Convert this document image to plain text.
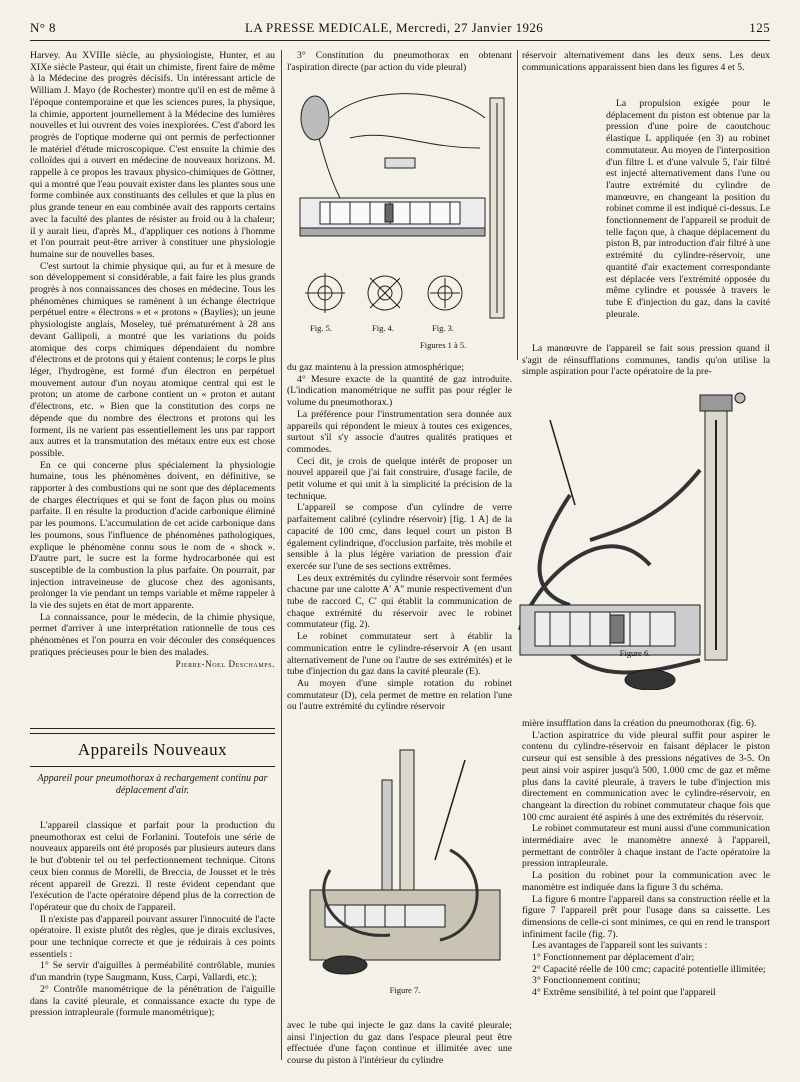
N° 8	LA PRESSE MEDICALE, Mercredi, 27 Janvier 1926	125

Harvey. Au XVIIIe siècle, au physiologiste, Hunter, et au XIXe siècle Pasteur, qui était un chimiste, firent faire de même à la Médecine des progrès décisifs. Un intéressant article de William J. Mayo (de Rochester) montre qu'il en est de même à l'époque contemporaine et que les sciences pures, la physique, la chimie, apportent journellement à la Médecine des lumières nouvelles et lui ouvrent des voies inexplorées. C'est d'abord les progrès de l'optique moderne qui ont permis de perfectionner le matériel d'étude microscopique. C'est ensuite la chimie des colloïdes qui a ouvert en médecine de nouveaux horizons. M. rappelle à ce propos les travaux physico-chimiques de Göttner, qui a montré que l'eau pouvait exister dans les plantes sous une forme combinée aux constituants des cellules et que la plus en plus grande teneur en eau combinée avait des rapports certains avec la faculté des plantes de résister au froid ou à la chaleur; il y aurait lieu, d'après M., d'appliquer ces notions à l'homme et l'on pourrait peut-être arriver à constituer une physiologie humaine sur de nouvelles bases.

C'est surtout la chimie physique qui, au fur et à mesure de son développement si considérable, a fait faire les plus grands progrès à nos connaissances des choses en médecine. Tous les phénomènes chimiques se ramènent à un échange électrique perpétuel entre « électrons » et « protons » (Baylies); un jeune physiologiste anglais, Moseley, tué prématurément à 28 ans devant Gallipoli, a montré que les variations du poids atomique des corps chimiques dépendaient du nombre d'électrons et de protons qui y étaient contenus; le corps le plus léger, l'hydrogène, est formé d'un électron en perpétuel mouvement autour d'un noyau atomique central qui est le proton; un atome de carbone contient un « proton et autant d'électrons, etc. » Bien que la constitution des corps ne dépende que du nombre des électrons et protons qui les forment, ils ne varient pas essentiellement les uns par rapport aux autres et la transmutation des métaux entre eux est chose possible.

En ce qui concerne plus spécialement la physiologie humaine, tous les phénomènes doivent, en définitive, se rapporter à des combustions qui ne sont que des déplacements de charges électriques et qui se font de façon plus ou moins parfaite. Il en résulte la production d'acide carbonique éliminé par les poumons. L'accumulation de cet acide carbonique dans les poumons, sous l'influence de phénomènes pathologiques, explique le phénomène connu sous le nom de « shock ». D'autre part, le sucre est la forme hydrocarbonée qui est susceptible de la combustion la plus parfaite. On pourrait, par injection intraveineuse de glucose chez des agonisants, prolonger la vie pendant un temps variable et même rappeler à la vie des sujets en état de mort apparente.

La connaissance, pour le médecin, de la chimie physique, permet d'arriver à une interprétation rationnelle de tous ces phénomènes et l'on pourra en voir découler des conséquences pratiques précieuses pour le bien des malades.

Pierre-Noel Deschamps.

Appareils Nouveaux

Appareil pour pneumothorax à rechargement continu par déplacement d'air.

L'appareil classique et parfait pour la production du pneumothorax est celui de Forlanini. Toutefois une série de nouveaux appareils ont été proposés par plusieurs auteurs dans le but d'obtenir tel ou tel perfectionnement technique. Citons ceux bien connus de Morelli, de Breccia, de Jousset et le très récent appareil de Grezzi. Il reste évident cependant que l'exécution de l'acte opératoire dépend plus de la correction de l'opérateur que du choix de l'appareil.

Il n'existe pas d'appareil pouvant assurer l'innocuité de l'acte opératoire. Il existe plutôt des règles, que je dirais exclusives, pour une technique correcte et que je réduirais à ces points essentiels :

1° Se servir d'aiguilles à perméabilité contrôlable, munies d'un mandrin (type Saugmann, Kuss, Carpi, Vallardi, etc.);

2° Contrôle manométrique de la pénétration de l'aiguille dans la cavité pleurale, et connaissance exacte du type de pression intrapleurale (formule manométrique);

3° Constitution du pneumothorax en obtenant l'aspiration directe (par action du vide pleural)

Fig. 5.	Fig. 4.	Fig. 3.
Figures 1 à 5.

du gaz maintenu à la pression atmosphérique;

4° Mesure exacte de la quantité de gaz introduite. (L'indication manométrique ne suffit pas pour régler le volume du pneumothorax.)

La préférence pour l'instrumentation sera donnée aux appareils qui répondent le mieux à toutes ces exigences, surtout s'il s'y associe d'autres qualités pratiques et commodes.

Ceci dit, je crois de quelque intérêt de proposer un nouvel appareil que j'ai fait construire, d'usage facile, de petit volume et qui unit à la simplicité la précision de la technique.

L'appareil se compose d'un cylindre de verre parfaitement calibré (cylindre réservoir) [fig. 1 A] de la capacité de 100 cmc, dans lequel court un piston B également cylindrique, d'occlusion parfaite, très mobile et sensible à la plus légère variation de pression d'air exercée sur l'une de ses sections extrêmes.

Les deux extrémités du cylindre réservoir sont fermées chacune par une calotte A' A'' munie respectivement d'un tube de raccord C, C' qui établit la communication de chaque extrémité du réservoir avec le robinet commutateur (fig. 2).

Le robinet commutateur sert à établir la communication entre le cylindre-réservoir A (en usant alternativement de l'une ou l'autre de ses extrémités) et le tube d'injection du gaz dans la cavité pleurale (E).

Au moyen d'une simple rotation du robinet commutateur (D), cela permet de mettre en relation l'une ou l'autre extrémité du cylindre réservoir

réservoir alternativement dans les deux sens. Les deux communications apparaissent bien dans les figures 4 et 5.

La propulsion exigée pour le déplacement du piston est obtenue par la pression d'une poire de caoutchouc élastique L appliquée (en 3) au robinet commutateur. Au moyen de l'interposition d'un filtre L et d'une valvule 5, l'air filtré est injecté alternativement dans l'une ou l'autre extrémité du cylindre de manœuvre, en changeant la position du robinet comme il est indiqué ci-dessus. Le fonctionnement de l'appareil se produit de telle façon que, à chaque déplacement du piston B, par introduction d'air filtré à une extrémité du cylindre-réservoir, une quantité d'air exactement correspondante est déplacée vers l'extrémité opposée du même cylindre et poussée à travers le tube E d'injection du gaz, dans la cavité pleurale.

La manœuvre de l'appareil se fait sous pression quand il s'agit de réinsufflations communes, tandis qu'on utilise la simple aspiration pour l'acte opératoire de la pre-

Figure 6.
Figure 7.

avec le tube qui injecte le gaz dans la cavité pleurale; ainsi l'injection du gaz dans l'espace pleural peut être effectuée d'une façon continue et illimitée avec une course du piston à l'intérieur du cylindre

mière insufflation dans la création du pneumothorax (fig. 6).

L'action aspiratrice du vide pleural suffit pour aspirer le contenu du cylindre-réservoir en faisant déplacer le piston curseur qui est sensible à des pressions négatives de 3-5. On peut ainsi voir aspirer jusqu'à 500, 1.000 cmc de gaz et même plus dans la cavité pleurale, à travers le tube d'injection mis directement en communication avec le cylindre-réservoir, en changeant la direction du robinet commutateur chaque fois que 100 cmc auraient été aspirés à une des extrémités du réservoir.

Le robinet commutateur est muni aussi d'une communication intermédiaire avec le manomètre annexé à l'appareil, permettant de contrôler à chaque instant de l'acte opératoire la pression intrapleurale.

La position du robinet pour la communication avec le manomètre est indiquée dans la figure 3 du schéma.

La figure 6 montre l'appareil dans sa construction réelle et la figure 7 l'appareil prêt pour l'usage dans sa caissette. Les dimensions de celle-ci sont minimes, ce qui en rend le transport infiniment facile (fig. 7).

Les avantages de l'appareil sont les suivants :

1° Fonctionnement par déplacement d'air;

2° Capacité réelle de 100 cmc; capacité potentielle illimitée;

3° Fonctionnement continu;

4° Extrême sensibilité, à tel point que l'appareil
